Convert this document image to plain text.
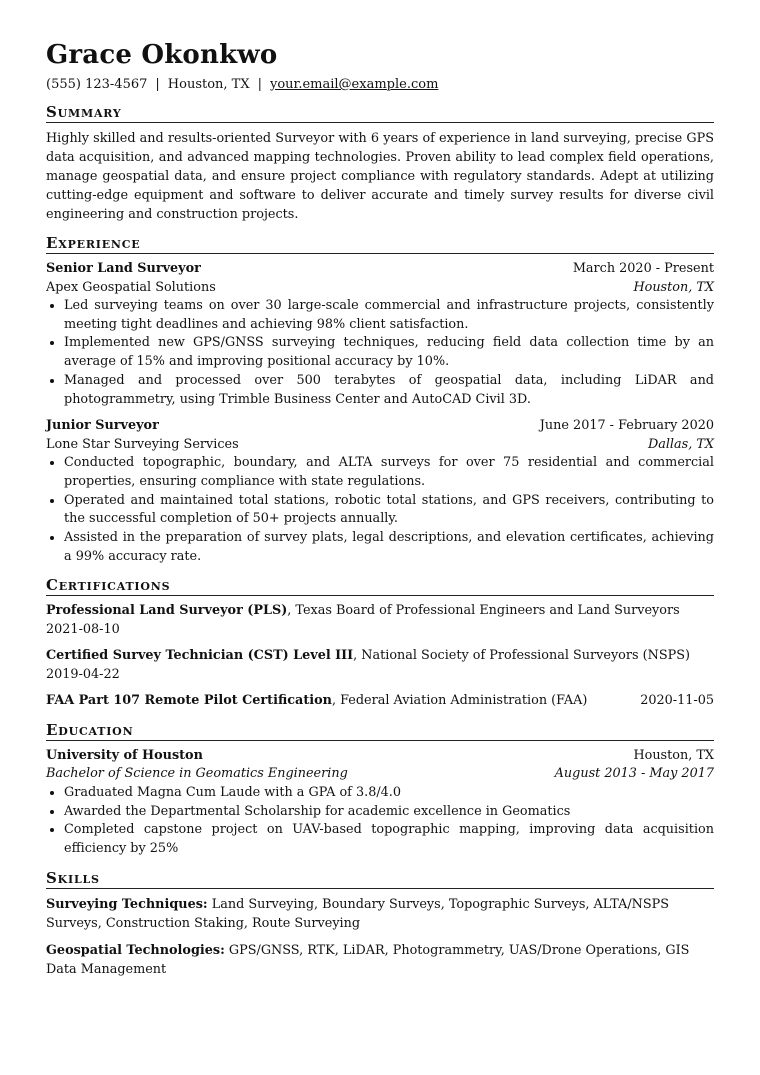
Grace Okonkwo
(555) 123-4567 | Houston, TX | your.email@example.com
Summary
Highly skilled and results-oriented Surveyor with 6 years of experience in land surveying, precise GPS data acquisition, and advanced mapping technologies. Proven ability to lead complex field operations, manage geospatial data, and ensure project compliance with regulatory standards. Adept at utilizing cutting-edge equipment and software to deliver accurate and timely survey results for diverse civil engineering and construction projects.
Experience
Senior Land Surveyor	March 2020 - Present
Apex Geospatial Solutions	Houston, TX
• Led surveying teams on over 30 large-scale commercial and infrastructure projects, consistently meeting tight deadlines and achieving 98% client satisfaction.
• Implemented new GPS/GNSS surveying techniques, reducing field data collection time by an average of 15% and improving positional accuracy by 10%.
• Managed and processed over 500 terabytes of geospatial data, including LiDAR and photogrammetry, using Trimble Business Center and AutoCAD Civil 3D.
Junior Surveyor	June 2017 - February 2020
Lone Star Surveying Services	Dallas, TX
• Conducted topographic, boundary, and ALTA surveys for over 75 residential and commercial properties, ensuring compliance with state regulations.
• Operated and maintained total stations, robotic total stations, and GPS receivers, contributing to the successful completion of 50+ projects annually.
• Assisted in the preparation of survey plats, legal descriptions, and elevation certificates, achieving a 99% accuracy rate.
Certifications
Professional Land Surveyor (PLS), Texas Board of Professional Engineers and Land Surveyors
2021-08-10
Certified Survey Technician (CST) Level III, National Society of Professional Surveyors (NSPS)
2019-04-22
FAA Part 107 Remote Pilot Certification, Federal Aviation Administration (FAA)	2020-11-05
Education
University of Houston	Houston, TX
Bachelor of Science in Geomatics Engineering	August 2013 - May 2017
• Graduated Magna Cum Laude with a GPA of 3.8/4.0
• Awarded the Departmental Scholarship for academic excellence in Geomatics
• Completed capstone project on UAV-based topographic mapping, improving data acquisition efficiency by 25%
Skills
Surveying Techniques: Land Surveying, Boundary Surveys, Topographic Surveys, ALTA/NSPS Surveys, Construction Staking, Route Surveying
Geospatial Technologies: GPS/GNSS, RTK, LiDAR, Photogrammetry, UAS/Drone Operations, GIS Data Management
